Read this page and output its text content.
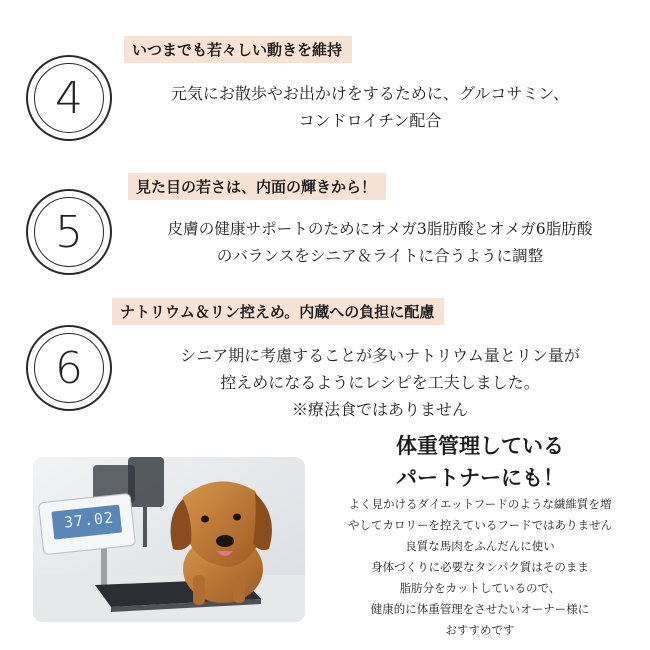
4
いつまでも若々しい動きを維持
元気にお散歩やお出かけをするために、グルコサミン、
コンドロイチン配合
5
見た目の若さは、内面の輝きから！
皮膚の健康サポートのためにオメガ3脂肪酸とオメガ6脂肪酸
のバランスをシニア＆ライトに合うように調整
6
ナトリウム＆リン控えめ。内蔵への負担に配慮
シニア期に考慮することが多いナトリウム量とリン量が
控えめになるようにレシピを工夫しました。
※療法食ではありません
37.02
体重管理している
パートナーにも！
よく見かけるダイエットフードのような繊維質を増
やしてカロリーを控えているフードではありません
良質な馬肉をふんだんに使い
身体づくりに必要なタンパク質はそのまま
脂肪分をカットしているので、
健康的に体重管理をさせたいオーナー様に
おすすめです
